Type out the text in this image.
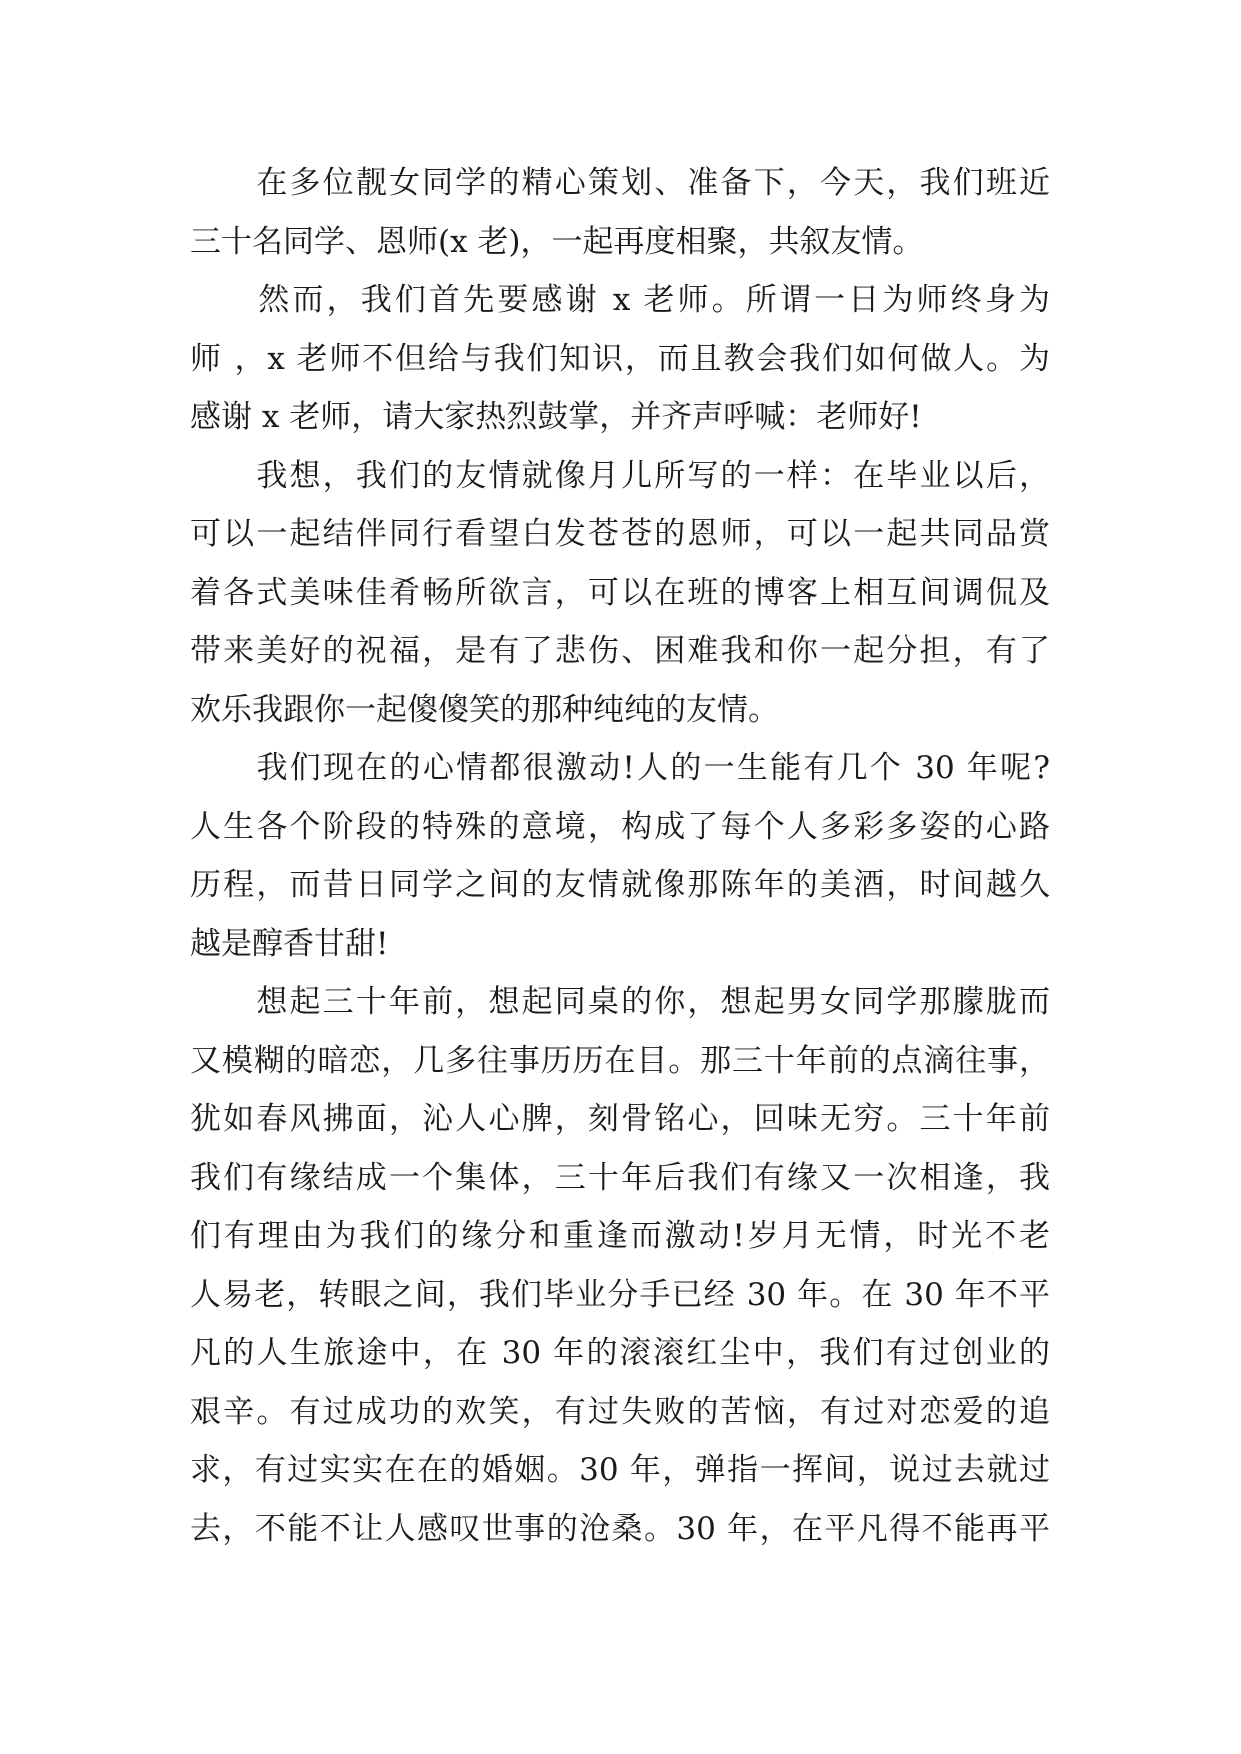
　　在多位靓女同学的精心策划、准备下，今天，我们班近
三十名同学、恩师(x 老)，一起再度相聚，共叙友情。
　　然而，我们首先要感谢 x 老师。所谓一日为师终身为
师 ，x 老师不但给与我们知识，而且教会我们如何做人。为
感谢 x 老师，请大家热烈鼓掌，并齐声呼喊：老师好!
　　我想，我们的友情就像月儿所写的一样：在毕业以后，
可以一起结伴同行看望白发苍苍的恩师，可以一起共同品赏
着各式美味佳肴畅所欲言，可以在班的博客上相互间调侃及
带来美好的祝福，是有了悲伤、困难我和你一起分担，有了
欢乐我跟你一起傻傻笑的那种纯纯的友情。
　　我们现在的心情都很激动!人的一生能有几个 30 年呢?
人生各个阶段的特殊的意境，构成了每个人多彩多姿的心路
历程，而昔日同学之间的友情就像那陈年的美酒，时间越久
越是醇香甘甜!
　　想起三十年前，想起同桌的你，想起男女同学那朦胧而
又模糊的暗恋，几多往事历历在目。那三十年前的点滴往事，
犹如春风拂面，沁人心脾，刻骨铭心，回味无穷。三十年前
我们有缘结成一个集体，三十年后我们有缘又一次相逢，我
们有理由为我们的缘分和重逢而激动!岁月无情，时光不老
人易老，转眼之间，我们毕业分手已经 30 年。在 30 年不平
凡的人生旅途中，在 30 年的滚滚红尘中，我们有过创业的
艰辛。有过成功的欢笑，有过失败的苦恼，有过对恋爱的追
求，有过实实在在的婚姻。30 年，弹指一挥间，说过去就过
去，不能不让人感叹世事的沧桑。30 年，在平凡得不能再平
